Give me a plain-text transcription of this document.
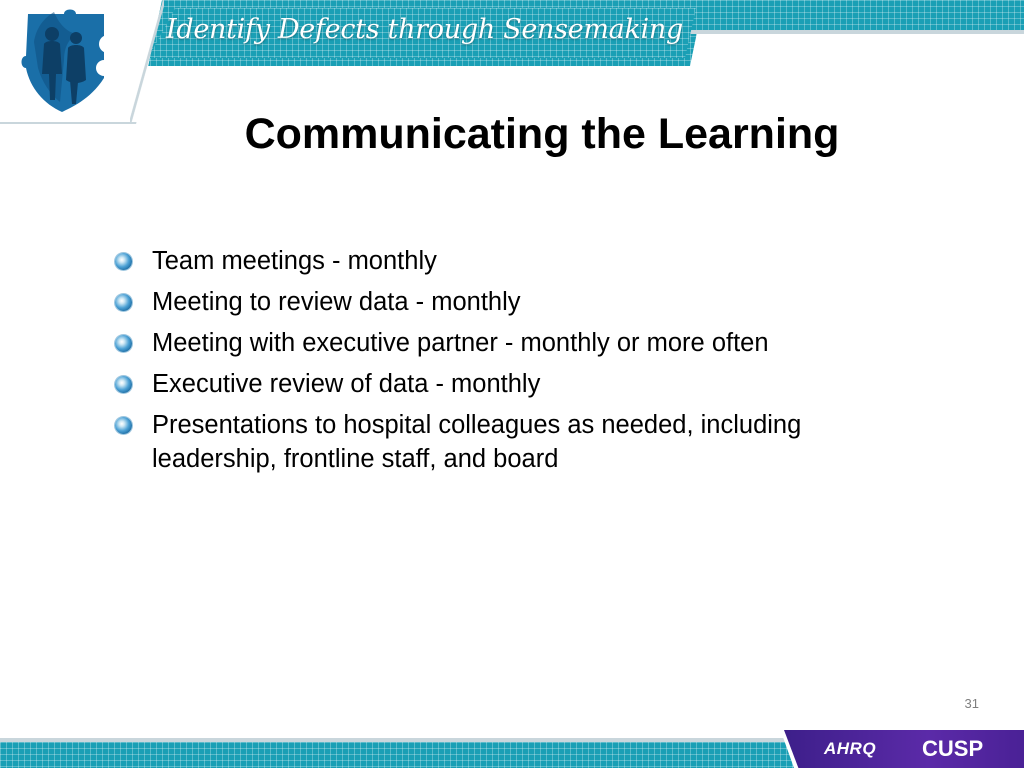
Identify Defects through Sensemaking
Communicating the Learning
Team meetings - monthly
Meeting to review data - monthly
Meeting with executive partner - monthly or more often
Executive review of data - monthly
Presentations to hospital colleagues as needed, including leadership, frontline staff, and board
31
AHRQ CUSP
